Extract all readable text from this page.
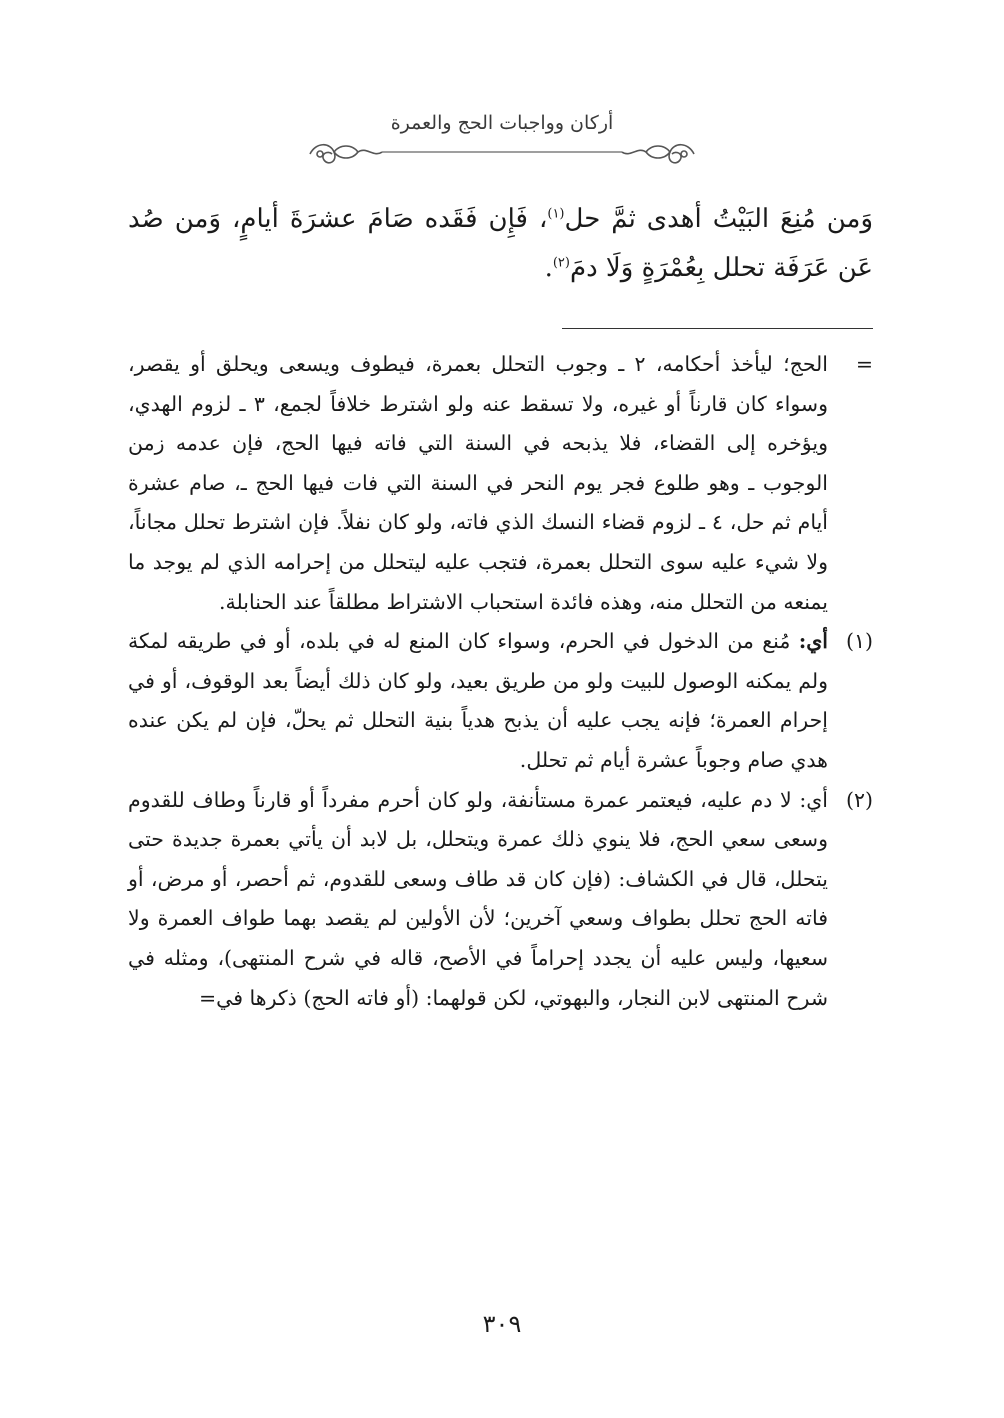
أركان وواجبات الحج والعمرة

وَمن مُنِعَ البَيْتُ أهدى ثمَّ حل$^{(١)}$، فَإِن فَقَده صَامَ عشرَةَ أيامٍ، وَمن صُد عَن عَرَفَة تحلل بِعُمْرَةٍ وَلَا دمَ$^{(٢)}$.

=

الحج؛ ليأخذ أحكامه، ٢ ـ وجوب التحلل بعمرة، فيطوف ويسعى ويحلق أو يقصر، وسواء كان قارناً أو غيره، ولا تسقط عنه ولو اشترط خلافاً لجمع، ٣ ـ لزوم الهدي، ويؤخره إلى القضاء، فلا يذبحه في السنة التي فاته فيها الحج، فإن عدمه زمن الوجوب ـ وهو طلوع فجر يوم النحر في السنة التي فات فيها الحج ـ، صام عشرة أيام ثم حل، ٤ ـ لزوم قضاء النسك الذي فاته، ولو كان نفلاً. فإن اشترط تحلل مجاناً، ولا شيء عليه سوى التحلل بعمرة، فتجب عليه ليتحلل من إحرامه الذي لم يوجد ما يمنعه من التحلل منه، وهذه فائدة استحباب الاشتراط مطلقاً عند الحنابلة.

(١)

أي: مُنع من الدخول في الحرم، وسواء كان المنع له في بلده، أو في طريقه لمكة ولم يمكنه الوصول للبيت ولو من طريق بعيد، ولو كان ذلك أيضاً بعد الوقوف، أو في إحرام العمرة؛ فإنه يجب عليه أن يذبح هدياً بنية التحلل ثم يحلّ، فإن لم يكن عنده هدي صام وجوباً عشرة أيام ثم تحلل.

(٢)

أي: لا دم عليه، فيعتمر عمرة مستأنفة، ولو كان أحرم مفرداً أو قارناً وطاف للقدوم وسعى سعي الحج، فلا ينوي ذلك عمرة ويتحلل، بل لابد أن يأتي بعمرة جديدة حتى يتحلل، قال في الكشاف: (فإن كان قد طاف وسعى للقدوم، ثم أحصر، أو مرض، أو فاته الحج تحلل بطواف وسعي آخرين؛ لأن الأولين لم يقصد بهما طواف العمرة ولا سعيها، وليس عليه أن يجدد إحراماً في الأصح، قاله في شرح المنتهى)، ومثله في شرح المنتهى لابن النجار، والبهوتي، لكن قولهما: (أو فاته الحج) ذكرها في=

٣٠٩
